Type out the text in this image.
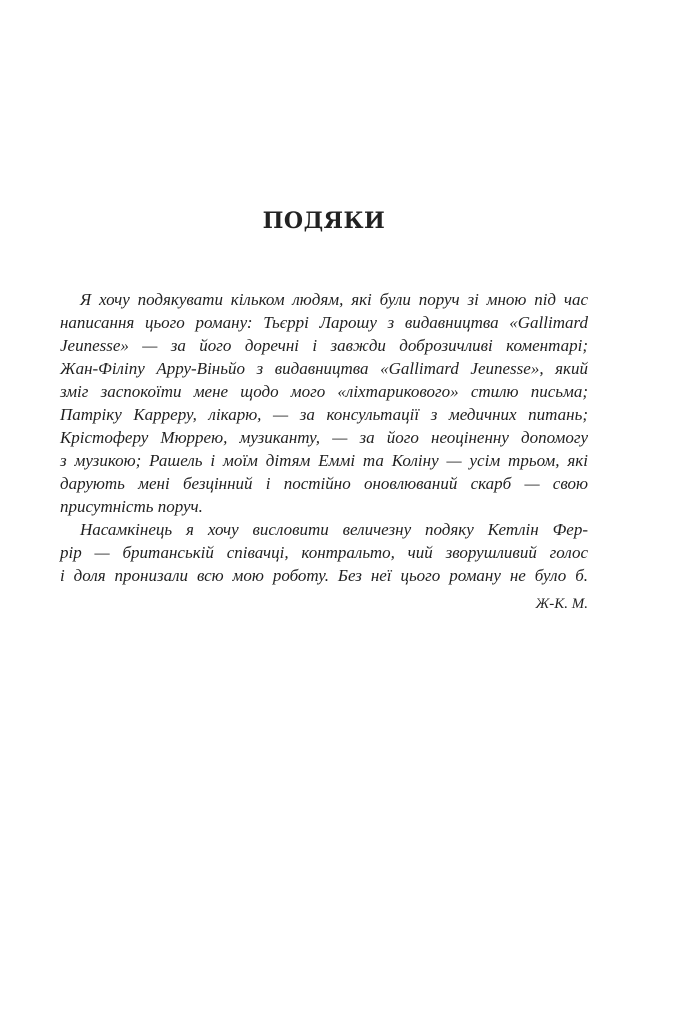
ПОДЯКИ
Я хочу подякувати кільком людям, які були поруч зі мною під час
написання цього роману: Тьєррі Ларошу з видавництва «Gallimard
Jeunesse» — за його доречні і завжди доброзичливі коментарі;
Жан-Філіпу Арру-Віньйо з видавництва «Gallimard Jeunesse», який
зміг заспокоїти мене щодо мого «ліхтарикового» стилю письма;
Патріку Карреру, лікарю, — за консультації з медичних питань;
Крістоферу Мюррею, музиканту, — за його неоціненну допомогу
з музикою; Рашель і моїм дітям Еммі та Коліну — усім трьом, які
дарують мені безцінний і постійно оновлюваний скарб — свою
присутність поруч.
Насамкінець я хочу висловити величезну подяку Кетлін Фер-
рір — британській співачці, контральто, чий зворушливий голос
і доля пронизали всю мою роботу. Без неї цього роману не було б.
Ж-К. М.
